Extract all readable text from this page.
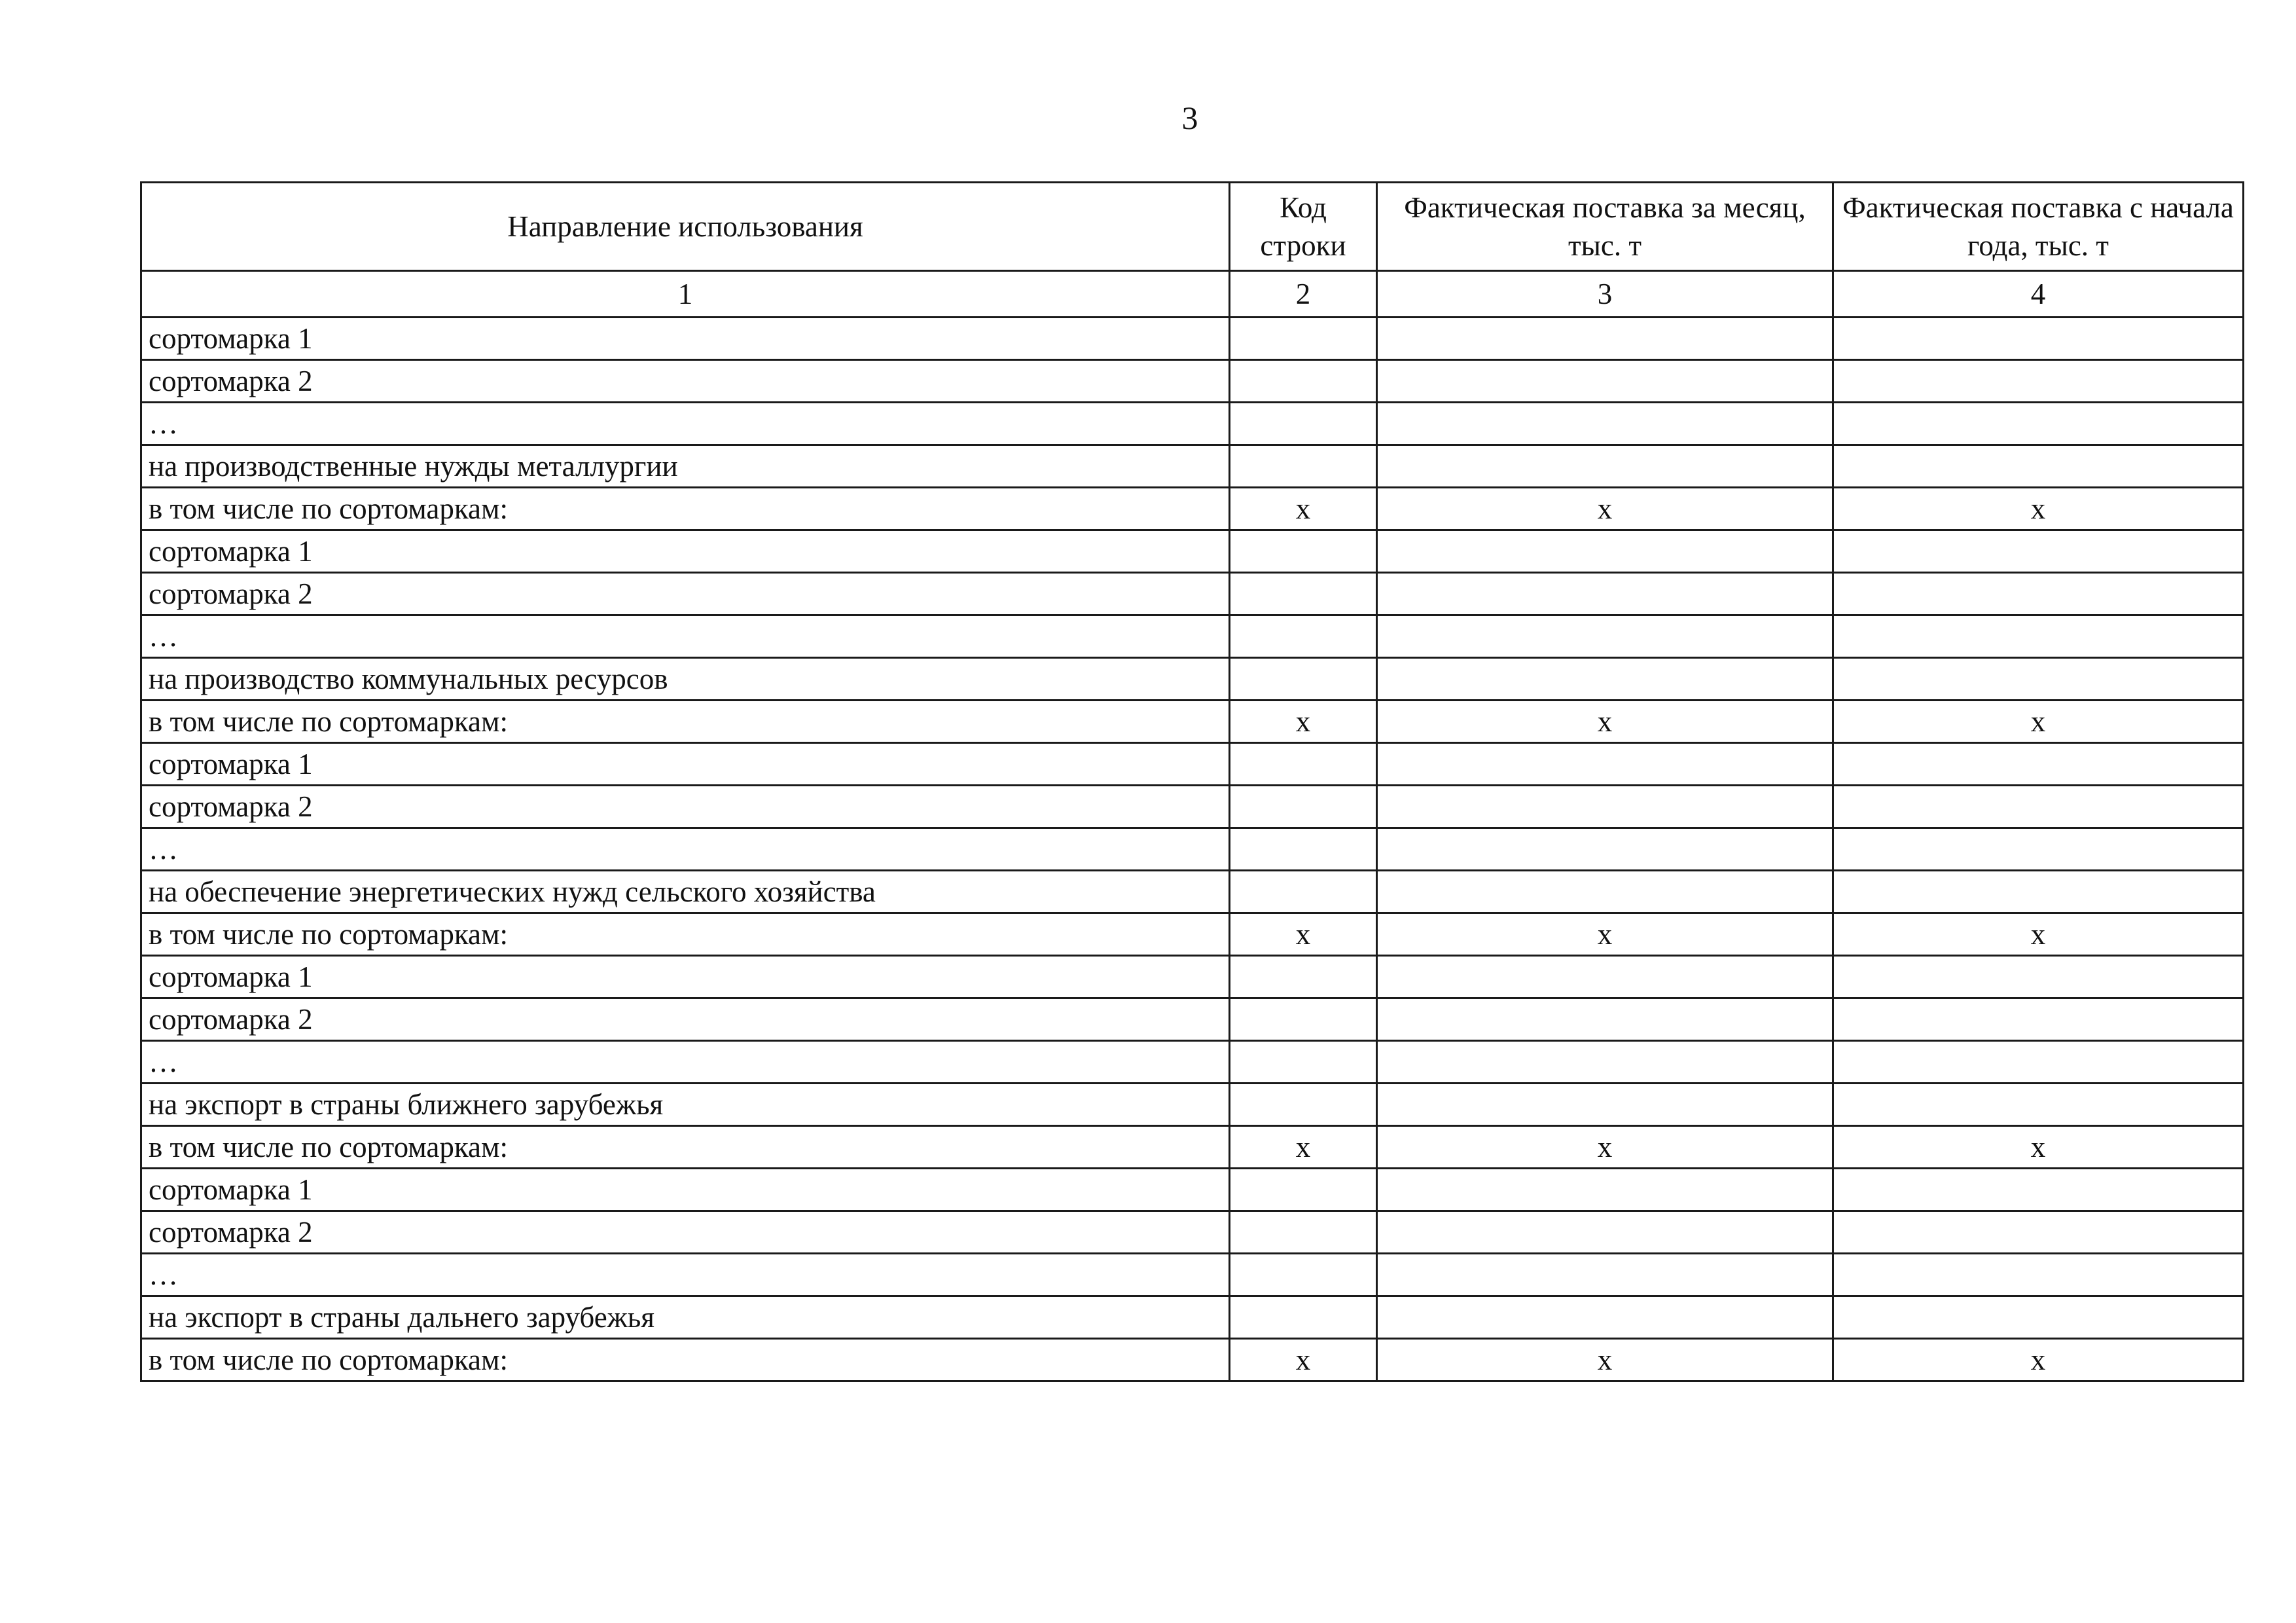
3
Направление использования	Код строки	Фактическая поставка за месяц, тыс. т	Фактическая поставка с начала года, тыс. т
1	2	3	4
сортомарка 1			
сортомарка 2			
…			
на производственные нужды металлургии			
в том числе по сортомаркам:	x	x	x
сортомарка 1			
сортомарка 2			
…			
на производство коммунальных ресурсов			
в том числе по сортомаркам:	x	x	x
сортомарка 1			
сортомарка 2			
…			
на обеспечение энергетических нужд сельского хозяйства			
в том числе по сортомаркам:	x	x	x
сортомарка 1			
сортомарка 2			
…			
на экспорт в страны ближнего зарубежья			
в том числе по сортомаркам:	x	x	x
сортомарка 1			
сортомарка 2			
…			
на экспорт в страны дальнего зарубежья			
в том числе по сортомаркам:	x	x	x
